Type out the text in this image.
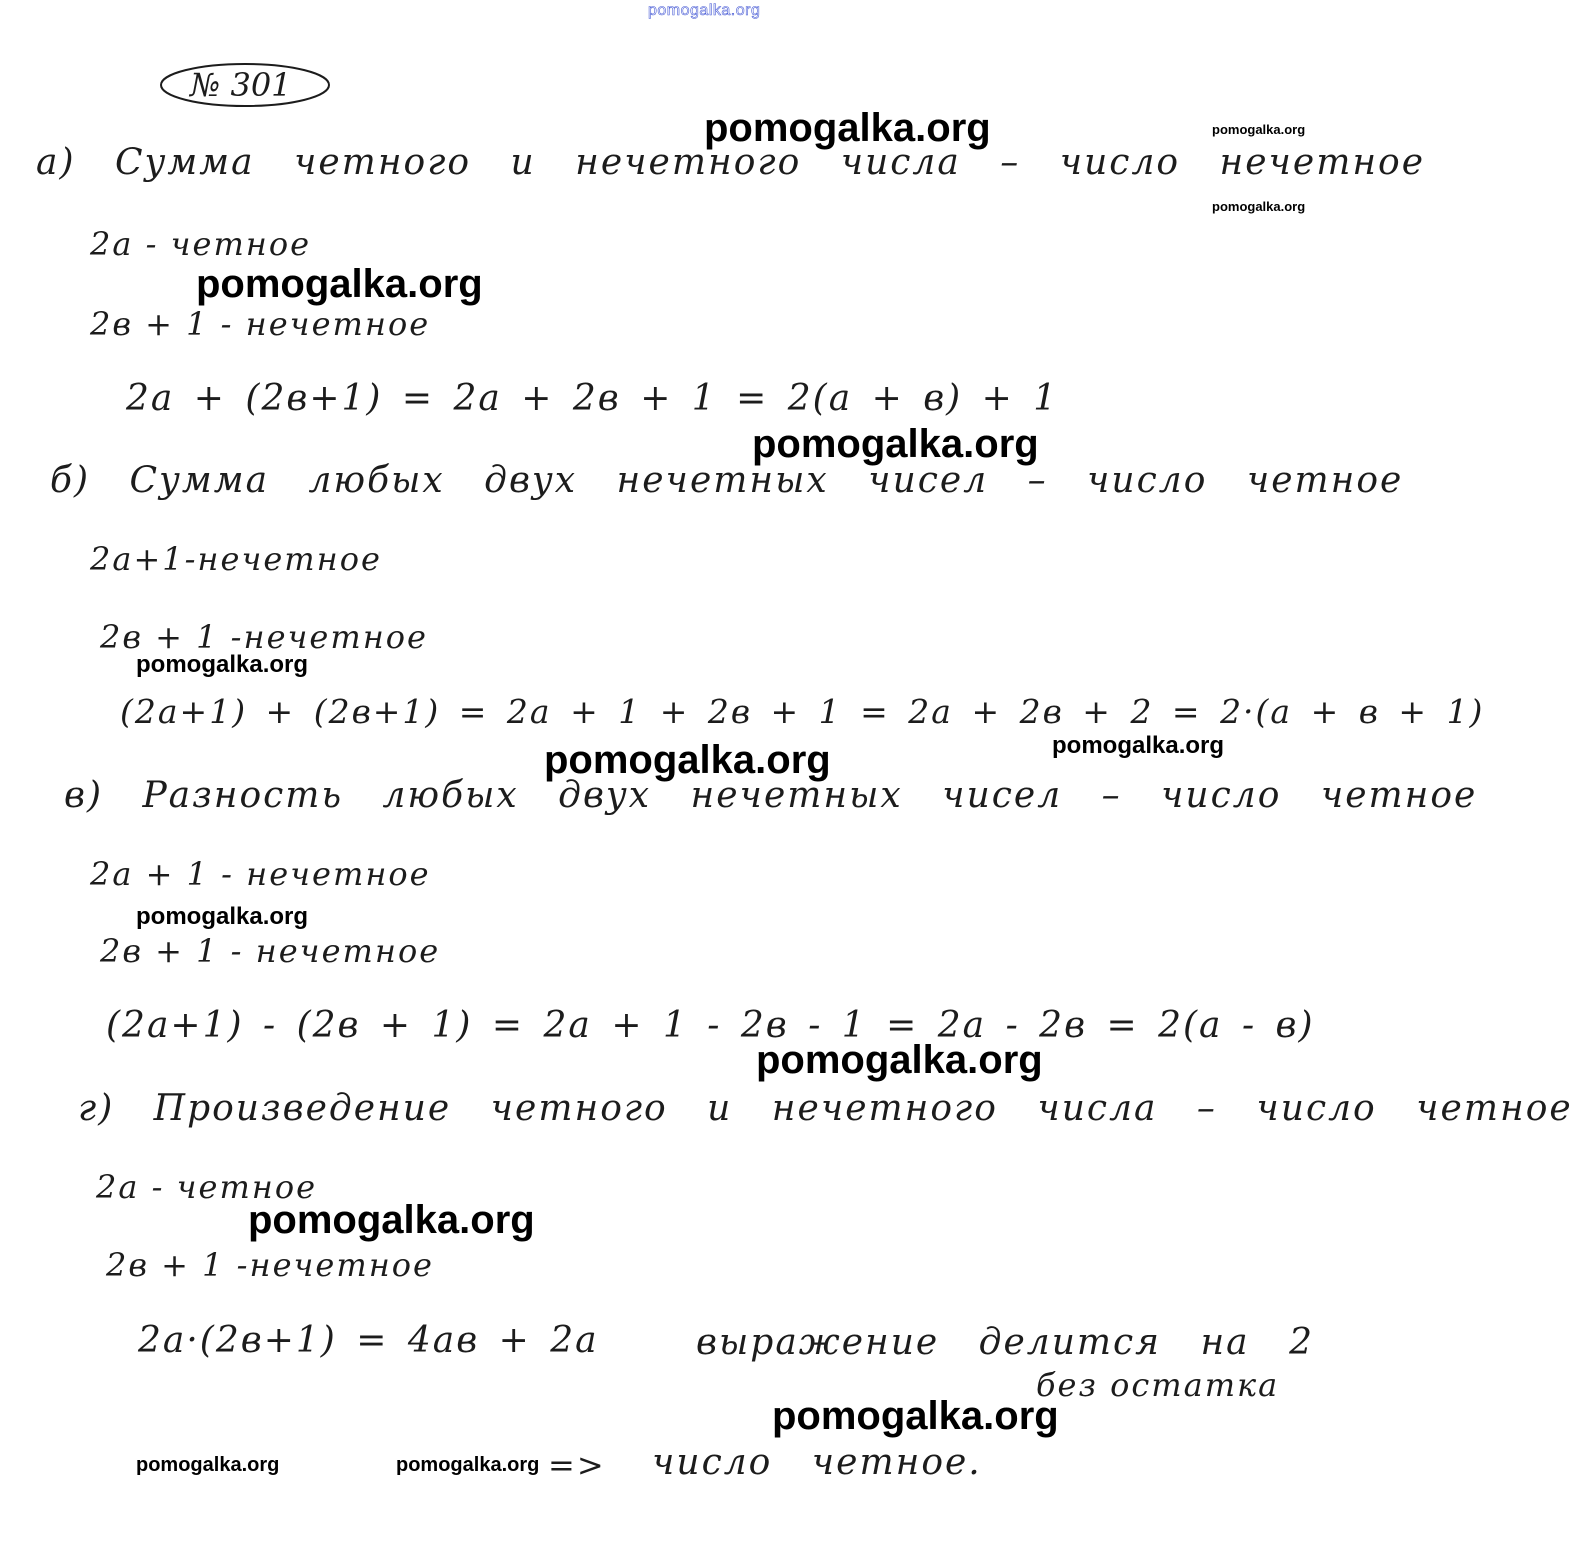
pomogalka.org
№ 301
а) Сумма четного и нечетного числа – число нечетное
2a - четное
2в + 1 - нечетное
2a + (2в+1) = 2a + 2в + 1 = 2(a + в) + 1
б) Сумма любых двух нечетных чисел – число четное
2a+1-нечетное
2в + 1 -нечетное
(2a+1) + (2в+1) = 2a + 1 + 2в + 1 = 2a + 2в + 2 = 2·(a + в + 1)
в) Разность любых двух нечетных чисел – число четное
2a + 1 - нечетное
2в + 1 - нечетное
(2a+1) - (2в + 1) = 2a + 1 - 2в - 1 = 2a - 2в = 2(a - в)
г) Произведение четного и нечетного числа – число четное
2a - четное
2в + 1 -нечетное
2a·(2в+1) = 4aв + 2a	выражение делится на 2
без остатка
=> число четное.
pomogalka.org	pomogalka.org
pomogalka.org
pomogalka.org
pomogalka.org
pomogalka.org
pomogalka.org	pomogalka.org
pomogalka.org
pomogalka.org
pomogalka.org
pomogalka.org
pomogalka.org	pomogalka.org
